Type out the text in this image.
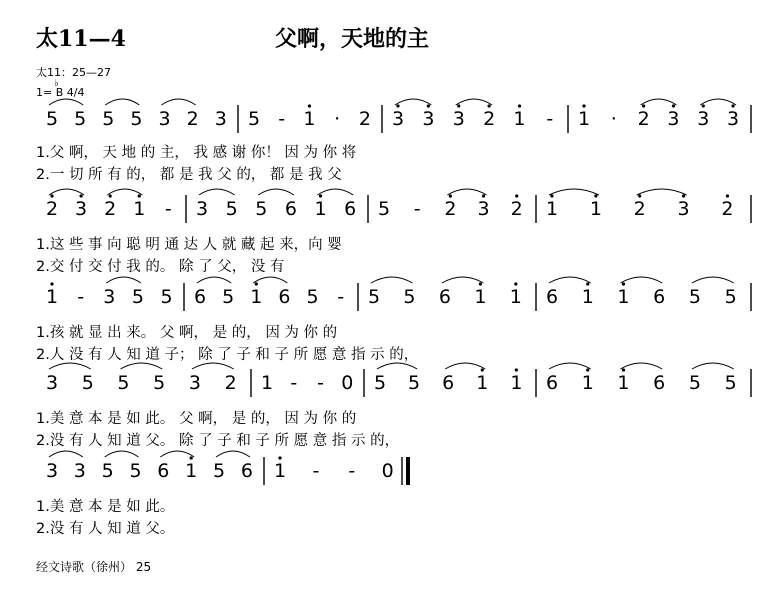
太11—4	父啊，天地的主
太11：25—27
♭
1= B 4/4
5 5 5 5 3 2 3 5 - 1 · 2 3 3 3 2 1 - 1 · 2 3 3 3
2 3 2 1 - 3 5 5 6 1 6 5 - 2 3 2 1 1 2 3 2
1 - 3 5 5 6 5 1 6 5 - 5 5 6 1 1 6 1 1 6 5 5
3 5 5 5 3 2 1 - - 0 5 5 6 1 1 6 1 1 6 5 5
3 3 5 5 6 1 5 6 1 - - 0
1.父 啊， 天 地 的 主， 我 感 谢 你！ 因 为 你 将
2.一 切 所 有 的， 都 是 我 父 的， 都 是 我 父
1.这 些 事 向 聪 明 通 达 人 就 藏 起 来，向 婴
2.交 付 交 付 我 的。 除 了 父， 没 有
1.孩 就 显 出 来。 父 啊， 是 的， 因 为 你 的
2.人 没 有 人 知 道 子； 除 了 子 和 子 所 愿 意 指 示 的，
1.美 意 本 是 如 此。 父 啊， 是 的， 因 为 你 的
2.没 有 人 知 道 父。 除 了 子 和 子 所 愿 意 指 示 的，
1.美 意 本 是 如 此。
2.没 有 人 知 道 父。
经文诗歌（徐州） 25
